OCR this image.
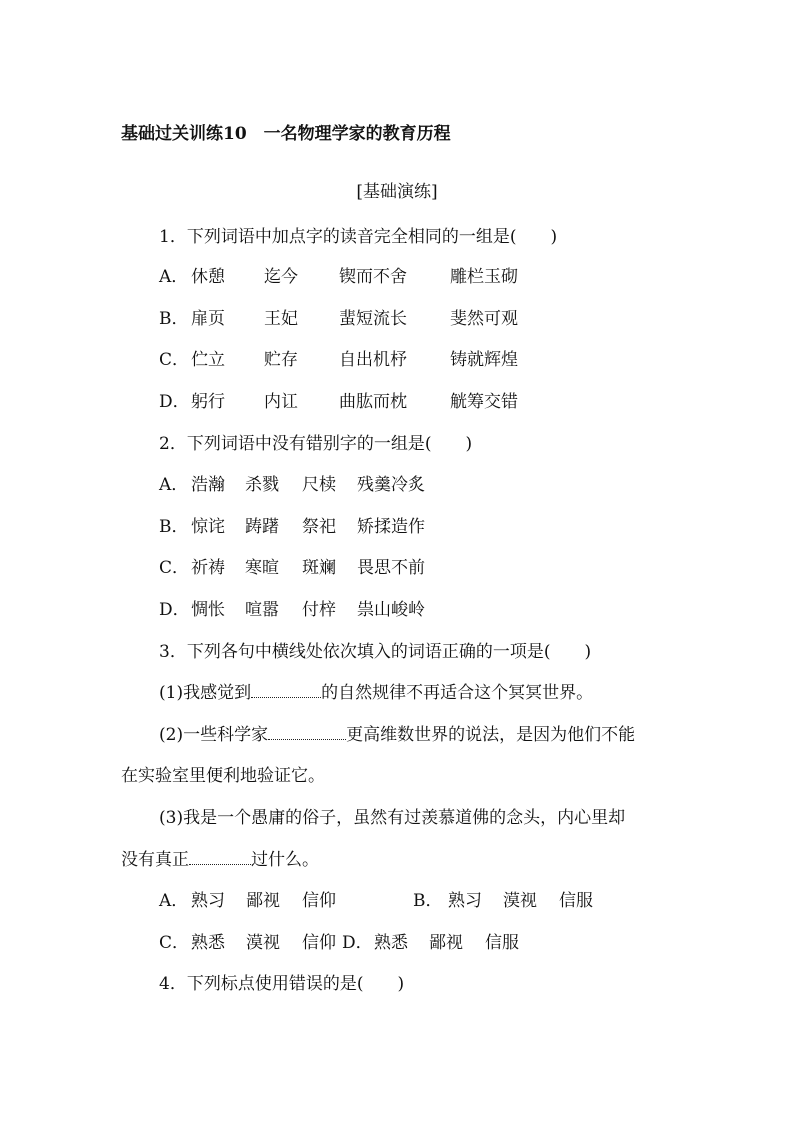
基础过关训练10　一名物理学家的教育历程
[基础演练]
1．下列词语中加点字的读音完全相同的一组是(　　)
A． 休憩 迄今 锲而不舍	雕栏玉砌
B． 扉页 王妃 蜚短流长	斐然可观
C． 伫立 贮存 自出机杼	铸就辉煌
D．躬行 内讧 曲肱而枕	觥筹交错
2．下列词语中没有错别字的一组是(　　)
A． 浩瀚 杀戮 尺椟 残羹冷炙
B． 惊诧 踌躇 祭祀 矫揉造作
C． 祈祷 寒暄 斑斓 畏思不前
D．惆怅 喧嚣 付梓 祟山峻岭
3．下列各句中横线处依次填入的词语正确的一项是(　　)
(1)我感觉到	的自然规律不再适合这个冥冥世界。
(2)一些科学家	更高维数世界的说法，是因为他们不能
在实验室里便利地验证它。
(3)我是一个愚庸的俗子，虽然有过羡慕道佛的念头，内心里却
没有真正	过什么。
A． 熟习 鄙视 信仰	B． 熟习 漠视 信服
C． 熟悉 漠视 信仰 D．熟悉 鄙视 信服
4．下列标点使用错误的是(　　)
